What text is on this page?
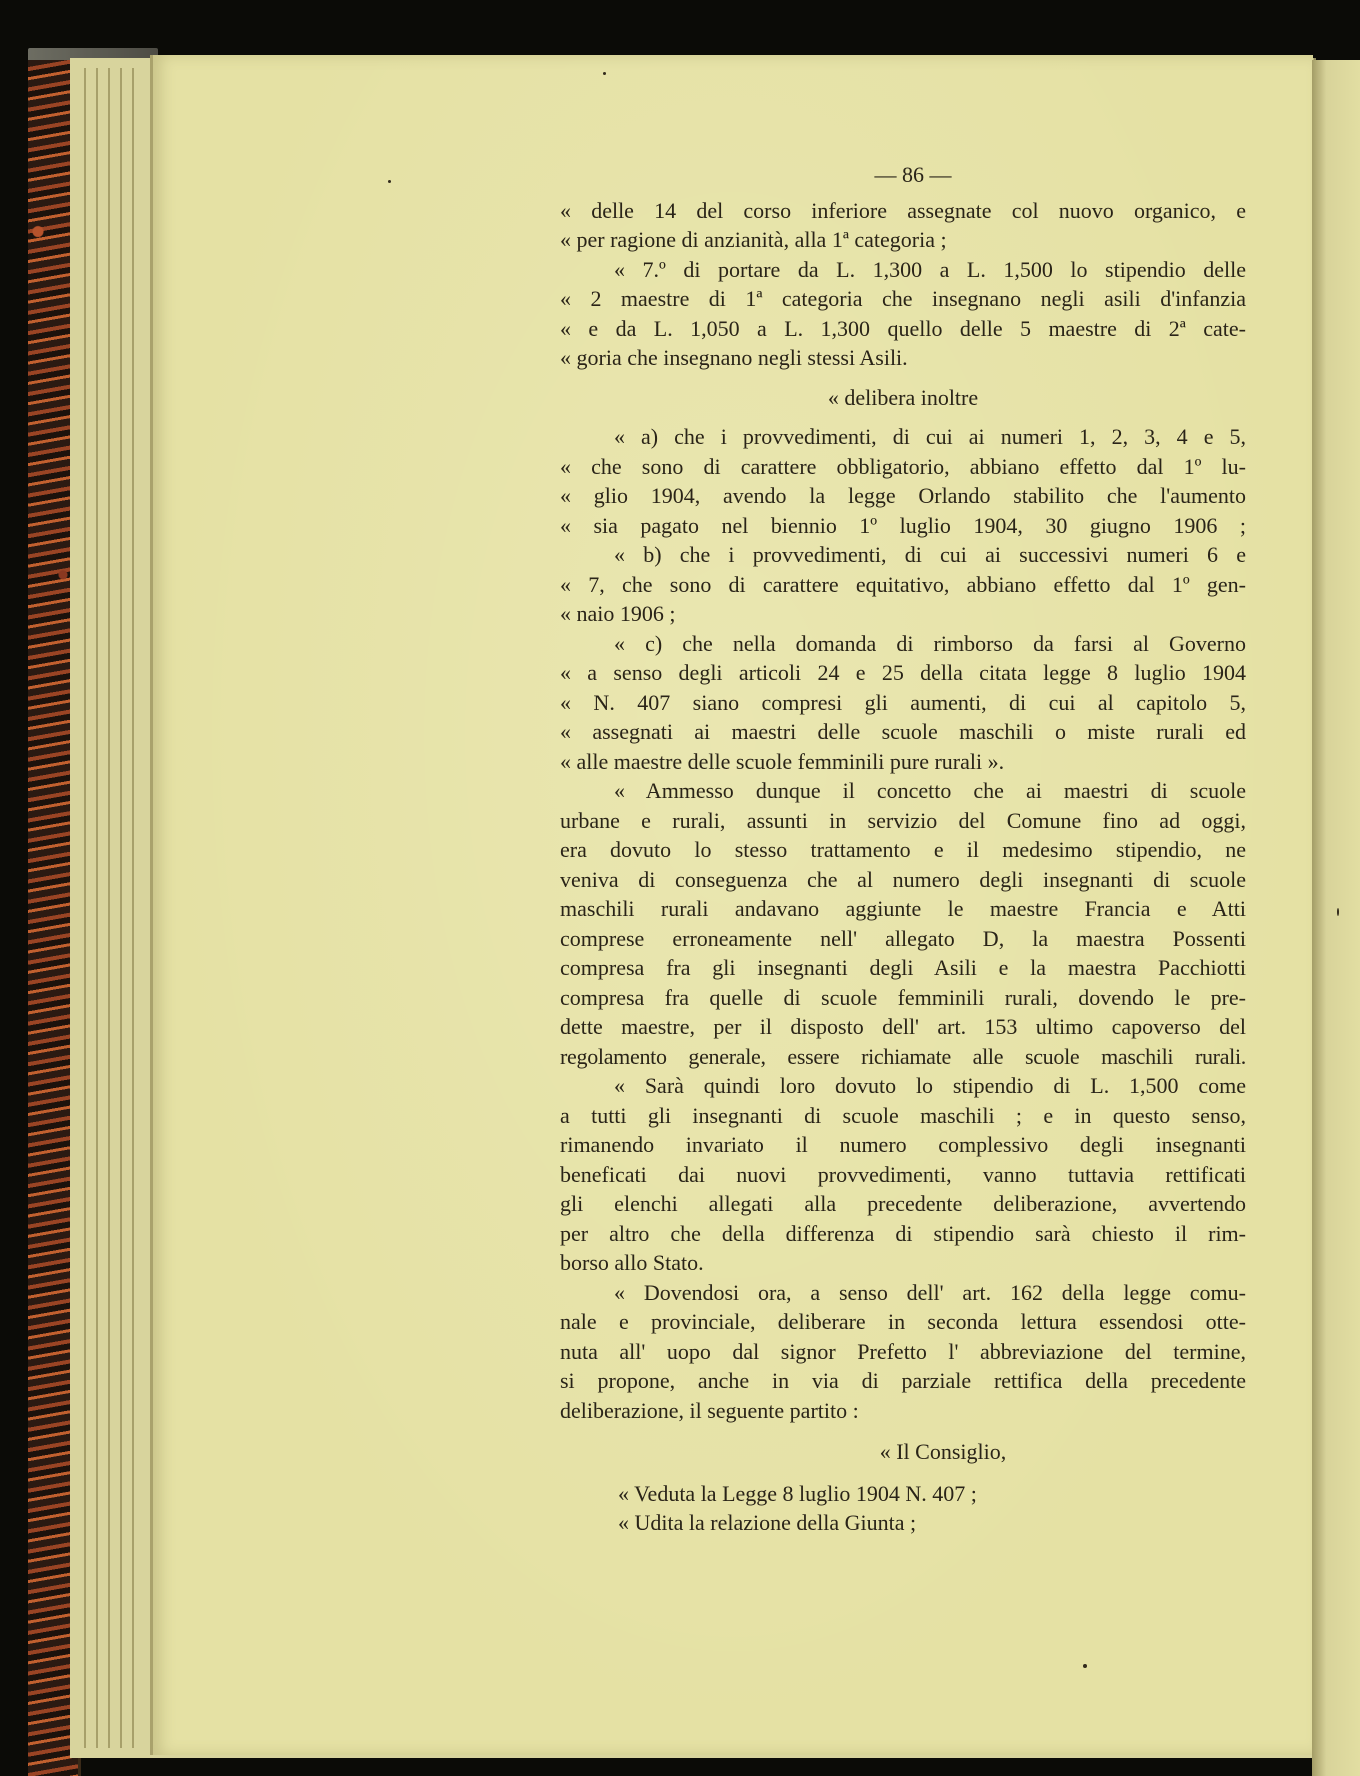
— 86 —
« delle 14 del corso inferiore assegnate col nuovo organico, e
« per ragione di anzianità, alla 1ª categoria ;
« 7.º di portare da L. 1,300 a L. 1,500 lo stipendio delle
« 2 maestre di 1ª categoria che insegnano negli asili d'infanzia
« e da L. 1,050 a L. 1,300 quello delle 5 maestre di 2ª cate-
« goria che insegnano negli stessi Asili.
« delibera inoltre
« a) che i provvedimenti, di cui ai numeri 1, 2, 3, 4 e 5,
« che sono di carattere obbligatorio, abbiano effetto dal 1º lu-
« glio 1904, avendo la legge Orlando stabilito che l'aumento
« sia pagato nel biennio 1º luglio 1904, 30 giugno 1906 ;
« b) che i provvedimenti, di cui ai successivi numeri 6 e
« 7, che sono di carattere equitativo, abbiano effetto dal 1º gen-
« naio 1906 ;
« c) che nella domanda di rimborso da farsi al Governo
« a senso degli articoli 24 e 25 della citata legge 8 luglio 1904
« N. 407 siano compresi gli aumenti, di cui al capitolo 5,
« assegnati ai maestri delle scuole maschili o miste rurali ed
« alle maestre delle scuole femminili pure rurali ».
« Ammesso dunque il concetto che ai maestri di scuole
urbane e rurali, assunti in servizio del Comune fino ad oggi,
era dovuto lo stesso trattamento e il medesimo stipendio, ne
veniva di conseguenza che al numero degli insegnanti di scuole
maschili rurali andavano aggiunte le maestre Francia e Atti
comprese erroneamente nell' allegato D, la maestra Possenti
compresa fra gli insegnanti degli Asili e la maestra Pacchiotti
compresa fra quelle di scuole femminili rurali, dovendo le pre-
dette maestre, per il disposto dell' art. 153 ultimo capoverso del
regolamento generale, essere richiamate alle scuole maschili rurali.
« Sarà quindi loro dovuto lo stipendio di L. 1,500 come
a tutti gli insegnanti di scuole maschili ; e in questo senso,
rimanendo invariato il numero complessivo degli insegnanti
beneficati dai nuovi provvedimenti, vanno tuttavia rettificati
gli elenchi allegati alla precedente deliberazione, avvertendo
per altro che della differenza di stipendio sarà chiesto il rim-
borso allo Stato.
« Dovendosi ora, a senso dell' art. 162 della legge comu-
nale e provinciale, deliberare in seconda lettura essendosi otte-
nuta all' uopo dal signor Prefetto l' abbreviazione del termine,
si propone, anche in via di parziale rettifica della precedente
deliberazione, il seguente partito :
« Il Consiglio,
« Veduta la Legge 8 luglio 1904 N. 407 ;
« Udita la relazione della Giunta ;
